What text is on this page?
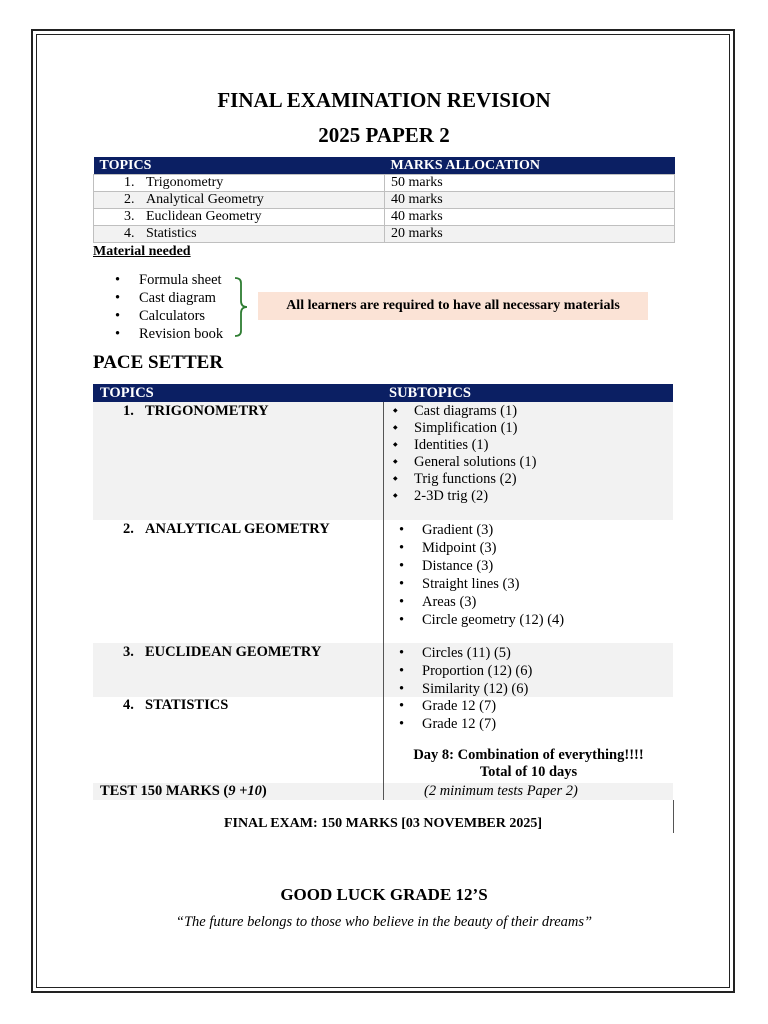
FINAL EXAMINATION REVISION
2025 PAPER 2
TOPICS	MARKS ALLOCATION
1. Trigonometry	50 marks
2. Analytical Geometry	40 marks
3. Euclidean Geometry	40 marks
4. Statistics	20 marks
Material needed
• Formula sheet
• Cast diagram
• Calculators
• Revision book
All learners are required to have all necessary materials
PACE SETTER
TOPICS	SUBTOPICS
1. TRIGONOMETRY	◆ Cast diagrams (1)
◆ Simplification (1)
◆ Identities (1)
◆ General solutions (1)
◆ Trig functions (2)
◆ 2-3D trig (2)
2. ANALYTICAL GEOMETRY	• Gradient (3)
• Midpoint (3)
• Distance (3)
• Straight lines (3)
• Areas (3)
• Circle geometry (12) (4)
3. EUCLIDEAN GEOMETRY	• Circles (11) (5)
• Proportion (12) (6)
• Similarity (12) (6)
4. STATISTICS	• Grade 12 (7)
• Grade 12 (7)
Day 8: Combination of everything!!!!
Total of 10 days
TEST 150 MARKS (9 +10)	(2 minimum tests Paper 2)
FINAL EXAM: 150 MARKS [03 NOVEMBER 2025]
GOOD LUCK GRADE 12’S
“The future belongs to those who believe in the beauty of their dreams”
